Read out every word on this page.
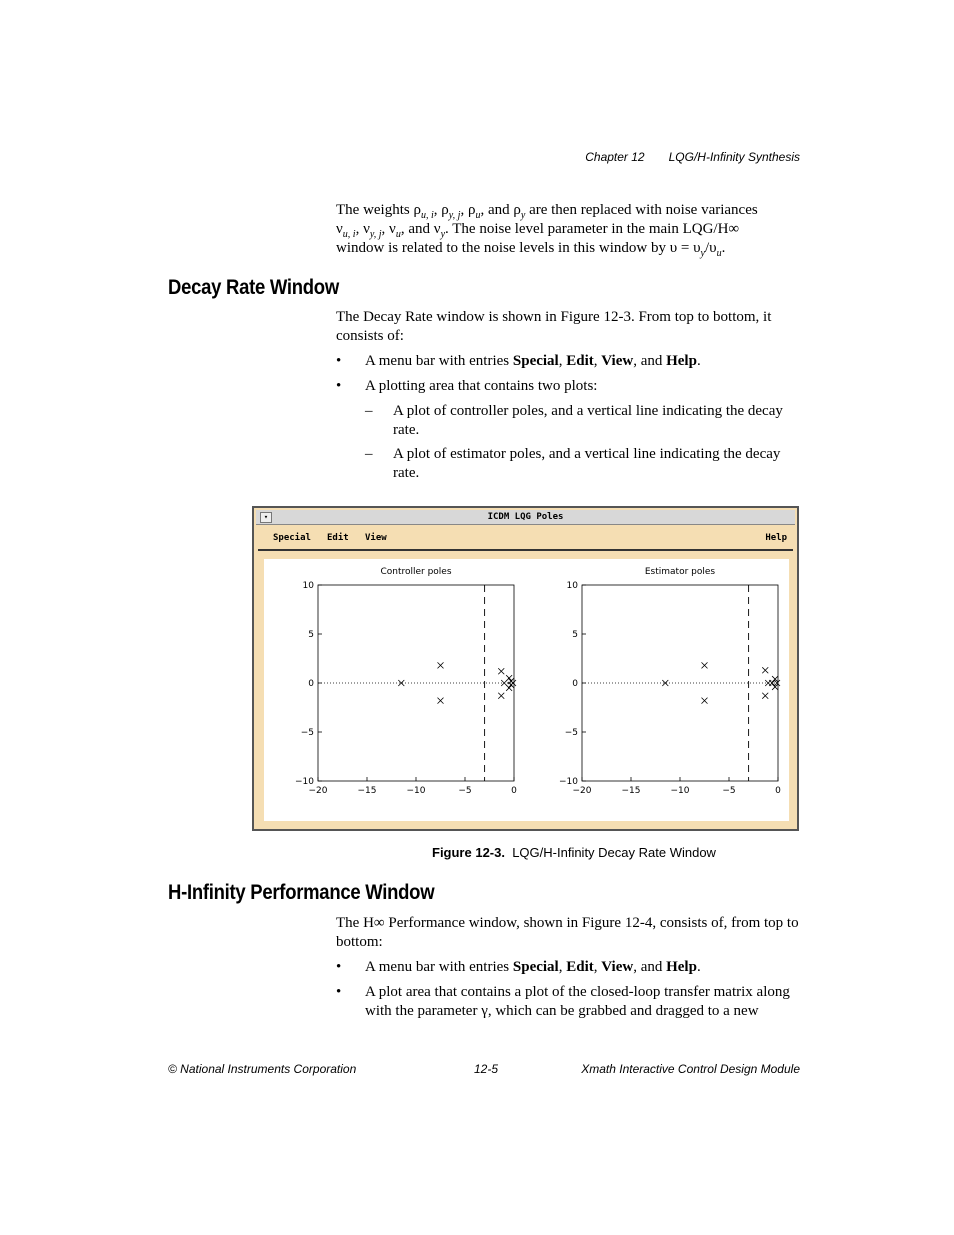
Chapter 12 LQG/H-Infinity Synthesis
The weights $\rho_{u, i}$, $\rho_{y, j}$, $\rho_u$, and $\rho_y$ are then replaced with noise variances
$\nu_{u, i}$, $\nu_{y, j}$, $\nu_u$, and $\nu_y$. The noise level parameter in the main LQG/H∞
window is related to the noise levels in this window by $\upsilon = \upsilon_y/\upsilon_u$.
Decay Rate Window
The Decay Rate window is shown in Figure 12-3. From top to bottom, it consists of:
• A menu bar with entries Special, Edit, View, and Help.
• A plotting area that contains two plots:
– A plot of controller poles, and a vertical line indicating the decay rate.
– A plot of estimator poles, and a vertical line indicating the decay rate.
▾	ICDM LQG Poles
Special Edit View	Help
Controller poles
10
5
0
−5
−10
−20	−15	−10	−5	0
Estimator poles
10
5
0
−5
−10
−20	−15	−10	−5	0
Figure 12-3. LQG/H-Infinity Decay Rate Window
H-Infinity Performance Window
The H∞ Performance window, shown in Figure 12-4, consists of, from top to bottom:
• A menu bar with entries Special, Edit, View, and Help.
• A plot area that contains a plot of the closed-loop transfer matrix along with the parameter γ, which can be grabbed and dragged to a new
© National Instruments Corporation	12-5	Xmath Interactive Control Design Module
